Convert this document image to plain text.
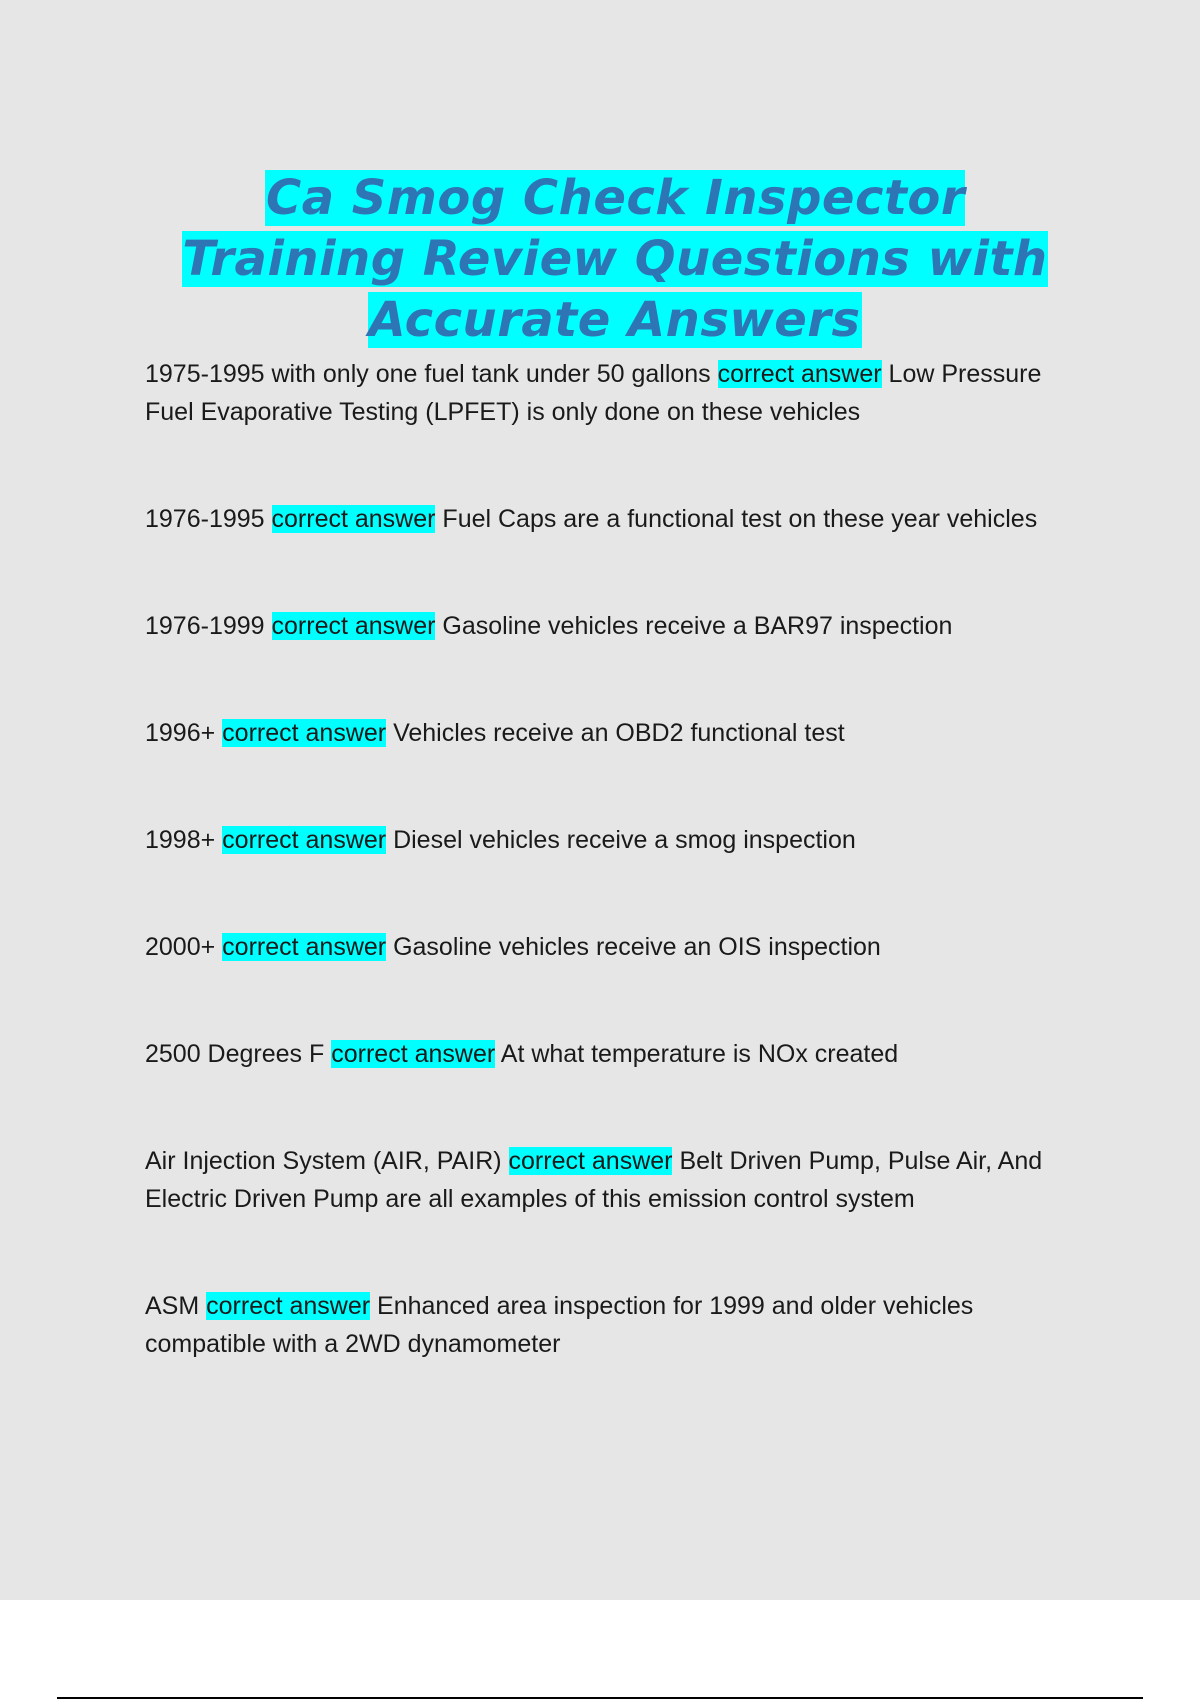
Ca Smog Check Inspector Training Review Questions with Accurate Answers

1975-1995 with only one fuel tank under 50 gallons correct answer Low Pressure Fuel Evaporative Testing (LPFET) is only done on these vehicles

1976-1995 correct answer Fuel Caps are a functional test on these year vehicles

1976-1999 correct answer Gasoline vehicles receive a BAR97 inspection

1996+ correct answer Vehicles receive an OBD2 functional test

1998+ correct answer Diesel vehicles receive a smog inspection

2000+ correct answer Gasoline vehicles receive an OIS inspection

2500 Degrees F correct answer At what temperature is NOx created

Air Injection System (AIR, PAIR) correct answer Belt Driven Pump, Pulse Air, And Electric Driven Pump are all examples of this emission control system

ASM correct answer Enhanced area inspection for 1999 and older vehicles compatible with a 2WD dynamometer
